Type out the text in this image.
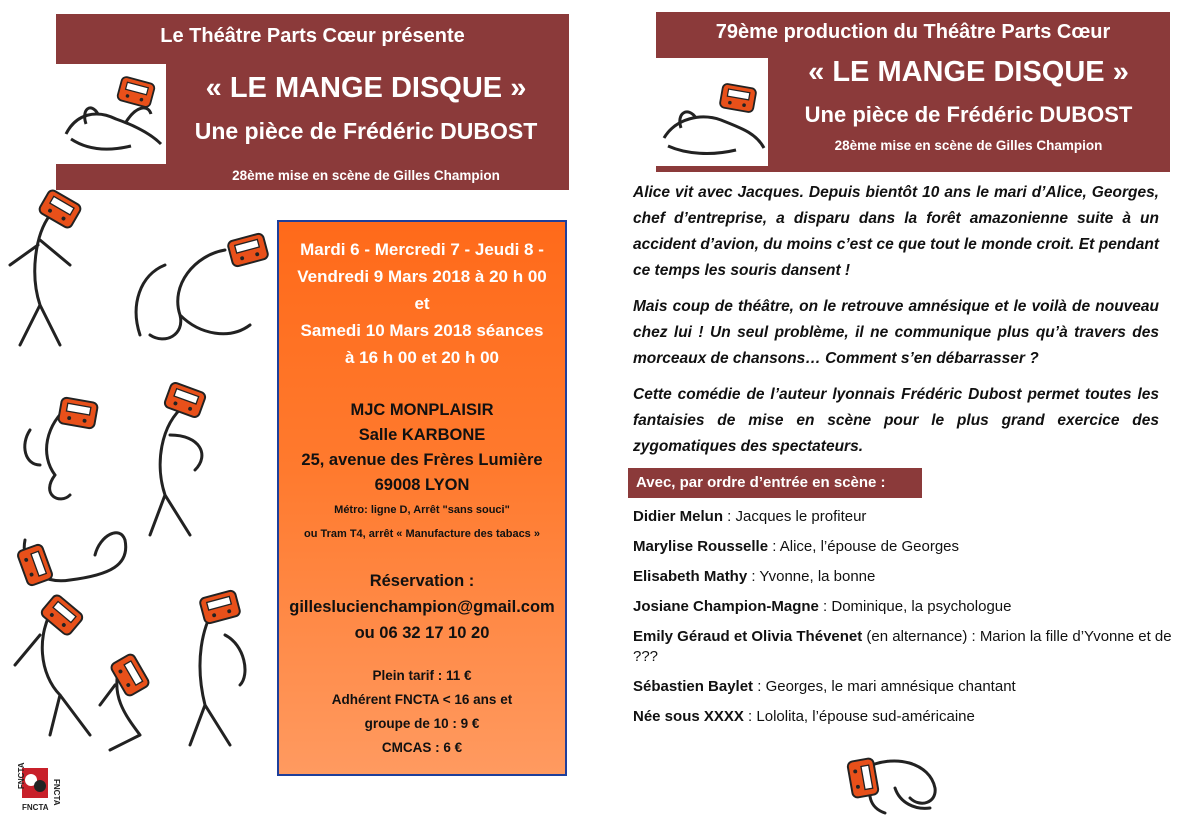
Le Théâtre Parts Cœur présente
« LE MANGE DISQUE »
Une pièce de Frédéric DUBOST
28ème mise en scène de Gilles Champion
79ème production du Théâtre Parts Cœur
« LE MANGE DISQUE »
Une pièce de Frédéric DUBOST
28ème mise en scène de Gilles Champion
Mardi 6 - Mercredi 7 - Jeudi 8 -
Vendredi 9 Mars 2018 à 20 h 00
et
Samedi 10 Mars 2018 séances
à 16 h 00 et 20 h 00
MJC MONPLAISIR
Salle KARBONE
25, avenue des Frères Lumière
69008 LYON
Métro: ligne D, Arrêt "sans souci"
ou Tram T4, arrêt « Manufacture des tabacs »
Réservation :
gilleslucienchampion@gmail.com
ou 06 32 17 10 20
Plein tarif : 11 €
Adhérent FNCTA < 16 ans et
groupe de 10 : 9 €
CMCAS : 6 €

Alice vit avec Jacques. Depuis bientôt 10 ans le mari d’Alice, Georges, chef d’entreprise, a disparu dans la forêt amazonienne suite à un accident d’avion, du moins c’est ce que tout le monde croit. Et pendant ce temps les souris dansent !

Mais coup de théâtre, on le retrouve amnésique et le voilà de nouveau chez lui ! Un seul problème, il ne communique plus qu’à travers des morceaux de chansons… Comment s’en débarrasser ?

Cette comédie de l’auteur lyonnais Frédéric Dubost permet toutes les fantaisies de mise en scène pour le plus grand exercice des zygomatiques des spectateurs.

Avec, par ordre d’entrée en scène :
Didier Melun : Jacques le profiteur
Marylise Rousselle : Alice, l’épouse de Georges
Elisabeth Mathy : Yvonne, la bonne
Josiane Champion-Magne : Dominique, la psychologue
Emily Géraud et Olivia Thévenet (en alternance) : Marion la fille d’Yvonne et de ???
Sébastien Baylet : Georges, le mari amnésique chantant
Née sous XXXX : Lololita, l’épouse sud-américaine
FNCTA
FNCTA
FNCTA
